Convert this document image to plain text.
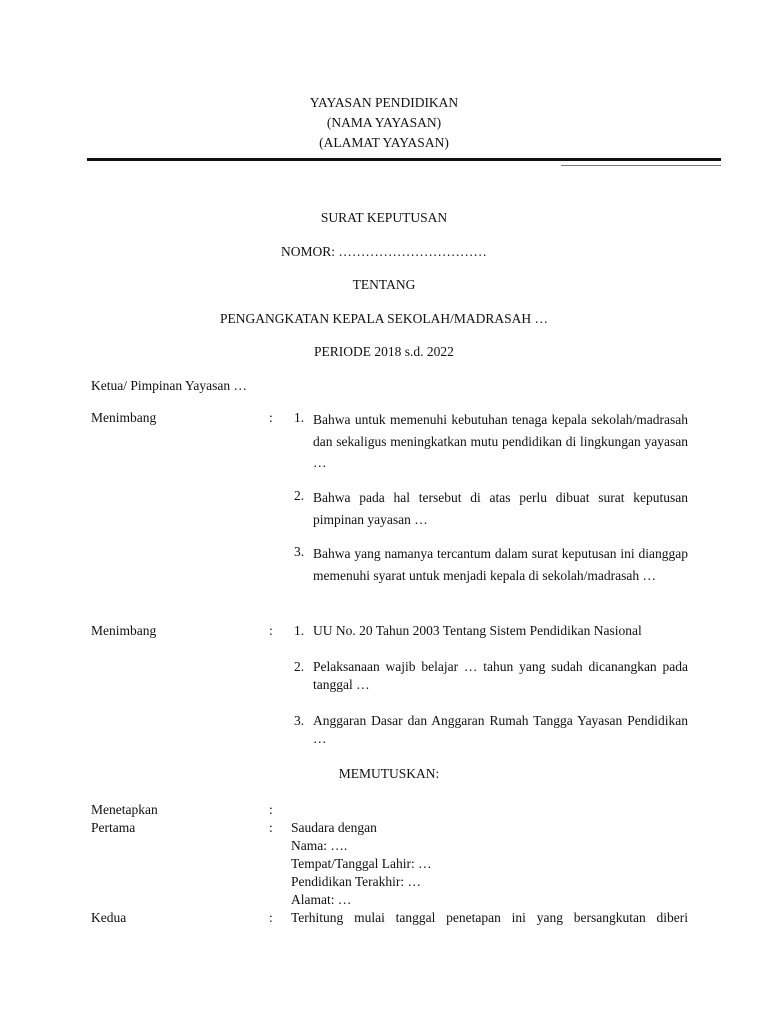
YAYASAN PENDIDIKAN
(NAMA YAYASAN)
(ALAMAT YAYASAN)
SURAT KEPUTUSAN
NOMOR: ……………………………
TENTANG
PENGANGKATAN KEPALA SEKOLAH/MADRASAH …
PERIODE 2018 s.d. 2022
Ketua/ Pimpinan Yayasan …
Menimbang	: 1. Bahwa untuk memenuhi kebutuhan tenaga kepala sekolah/madrasah dan sekaligus meningkatkan mutu pendidikan di lingkungan yayasan …
2. Bahwa pada hal tersebut di atas perlu dibuat surat keputusan pimpinan yayasan …
3. Bahwa yang namanya tercantum dalam surat keputusan ini dianggap memenuhi syarat untuk menjadi kepala di sekolah/madrasah …
Menimbang	: 1. UU No. 20 Tahun 2003 Tentang Sistem Pendidikan Nasional
2. Pelaksanaan wajib belajar … tahun yang sudah dicanangkan pada tanggal …
3. Anggaran Dasar dan Anggaran Rumah Tangga Yayasan Pendidikan …
MEMUTUSKAN:
Menetapkan	:
Pertama	: Saudara dengan
Nama: ….
Tempat/Tanggal Lahir: …
Pendidikan Terakhir: …
Alamat: …
Kedua	: Terhitung mulai tanggal penetapan ini yang bersangkutan diberi
